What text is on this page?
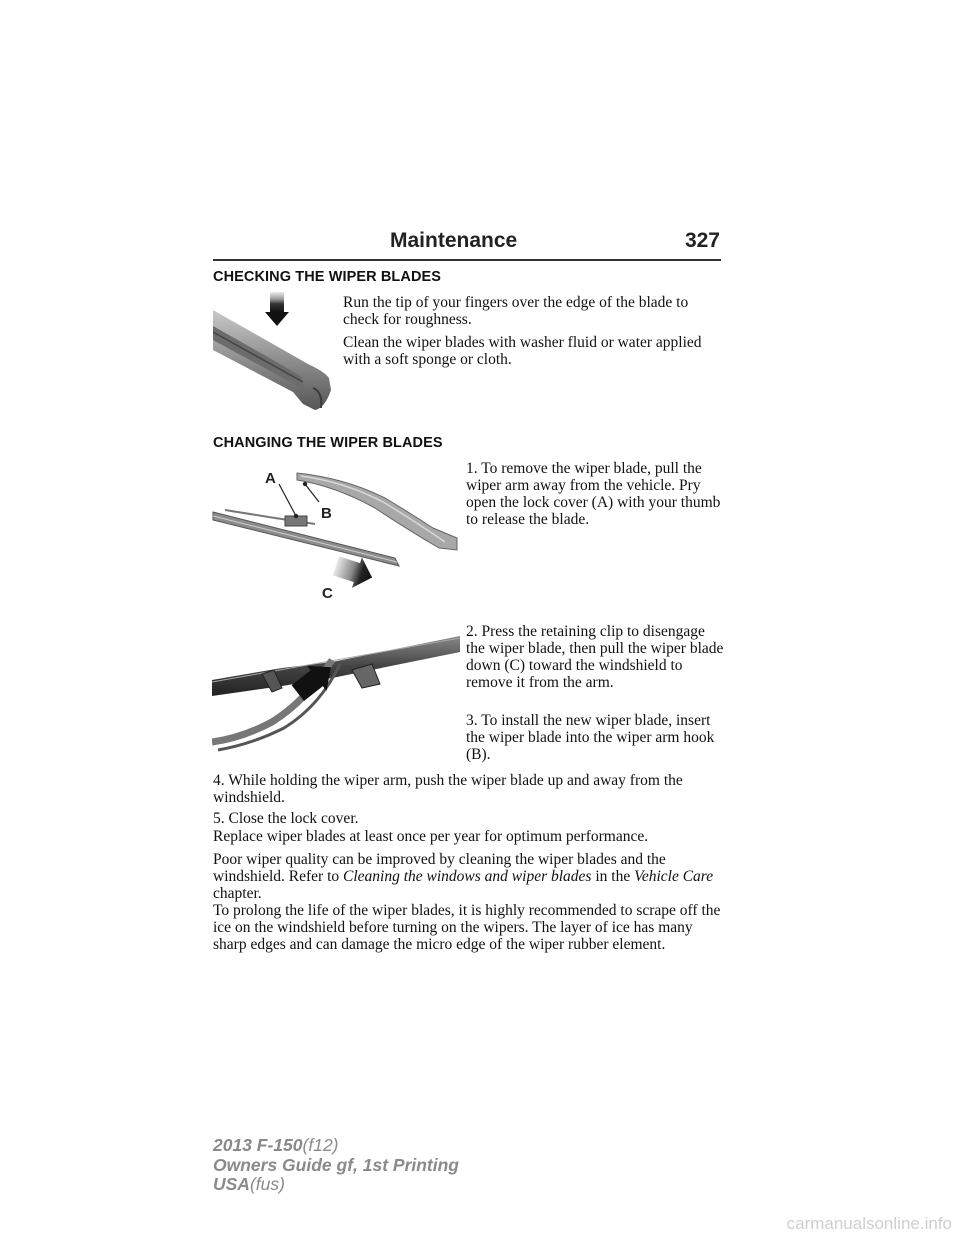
Maintenance	327
CHECKING THE WIPER BLADES
Run the tip of your fingers over the edge of the blade to check for roughness.
Clean the wiper blades with washer fluid or water applied with a soft sponge or cloth.
CHANGING THE WIPER BLADES
A
B
C
1. To remove the wiper blade, pull the wiper arm away from the vehicle. Pry open the lock cover (A) with your thumb to release the blade.
2. Press the retaining clip to disengage the wiper blade, then pull the wiper blade down (C) toward the windshield to remove it from the arm.
3. To install the new wiper blade, insert the wiper blade into the wiper arm hook (B).
4. While holding the wiper arm, push the wiper blade up and away from the windshield.
5. Close the lock cover.
Replace wiper blades at least once per year for optimum performance.
Poor wiper quality can be improved by cleaning the wiper blades and the windshield. Refer to Cleaning the windows and wiper blades in the Vehicle Care chapter.
To prolong the life of the wiper blades, it is highly recommended to scrape off the ice on the windshield before turning on the wipers. The layer of ice has many sharp edges and can damage the micro edge of the wiper rubber element.
2013 F-150(f12)
Owners Guide gf, 1st Printing
USA(fus)
carmanualsonline.info
